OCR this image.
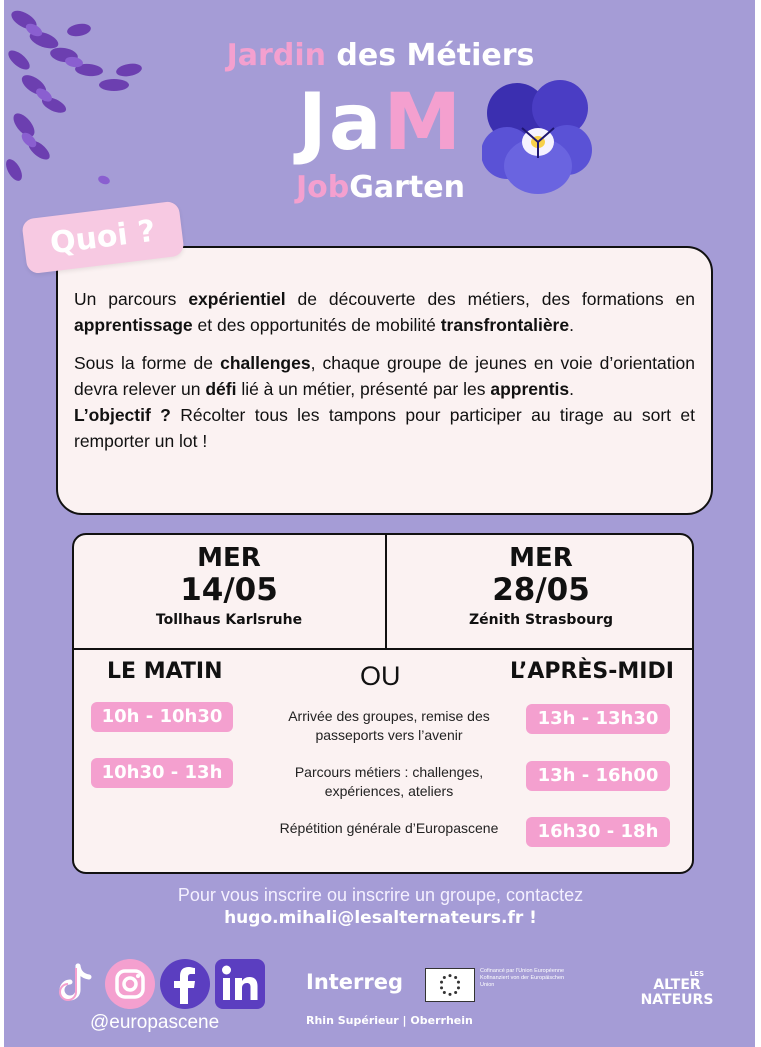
Jardin des Métiers
JaM
JobGarten
Quoi ?

Un parcours expérientiel de découverte des métiers, des formations en apprentissage et des opportunités de mobilité transfrontalière.

Sous la forme de challenges, chaque groupe de jeunes en voie d’orientation devra relever un défi lié à un métier, présenté par les apprentis.

L’objectif ? Récolter tous les tampons pour participer au tirage au sort et remporter un lot !

MER
14/05
Tollhaus Karlsruhe
MER
28/05
Zénith Strasbourg
LE MATIN	OU	L’APRÈS-MIDI
10h - 10h30
10h30 - 13h
Arrivée des groupes, remise des passeports vers l’avenir
Parcours métiers : challenges, expériences, ateliers
Répétition générale d’Europascene
13h - 13h30
13h - 16h00
16h30 - 18h
Pour vous inscrire ou inscrire un groupe, contactez
hugo.mihali@lesalternateurs.fr !
@europascene
Interreg
Rhin Supérieur | Oberrhein
Cofinancé par l’Union Européenne Kofinanziert von der Europäischen Union
LES
ALTER
NATEURS
